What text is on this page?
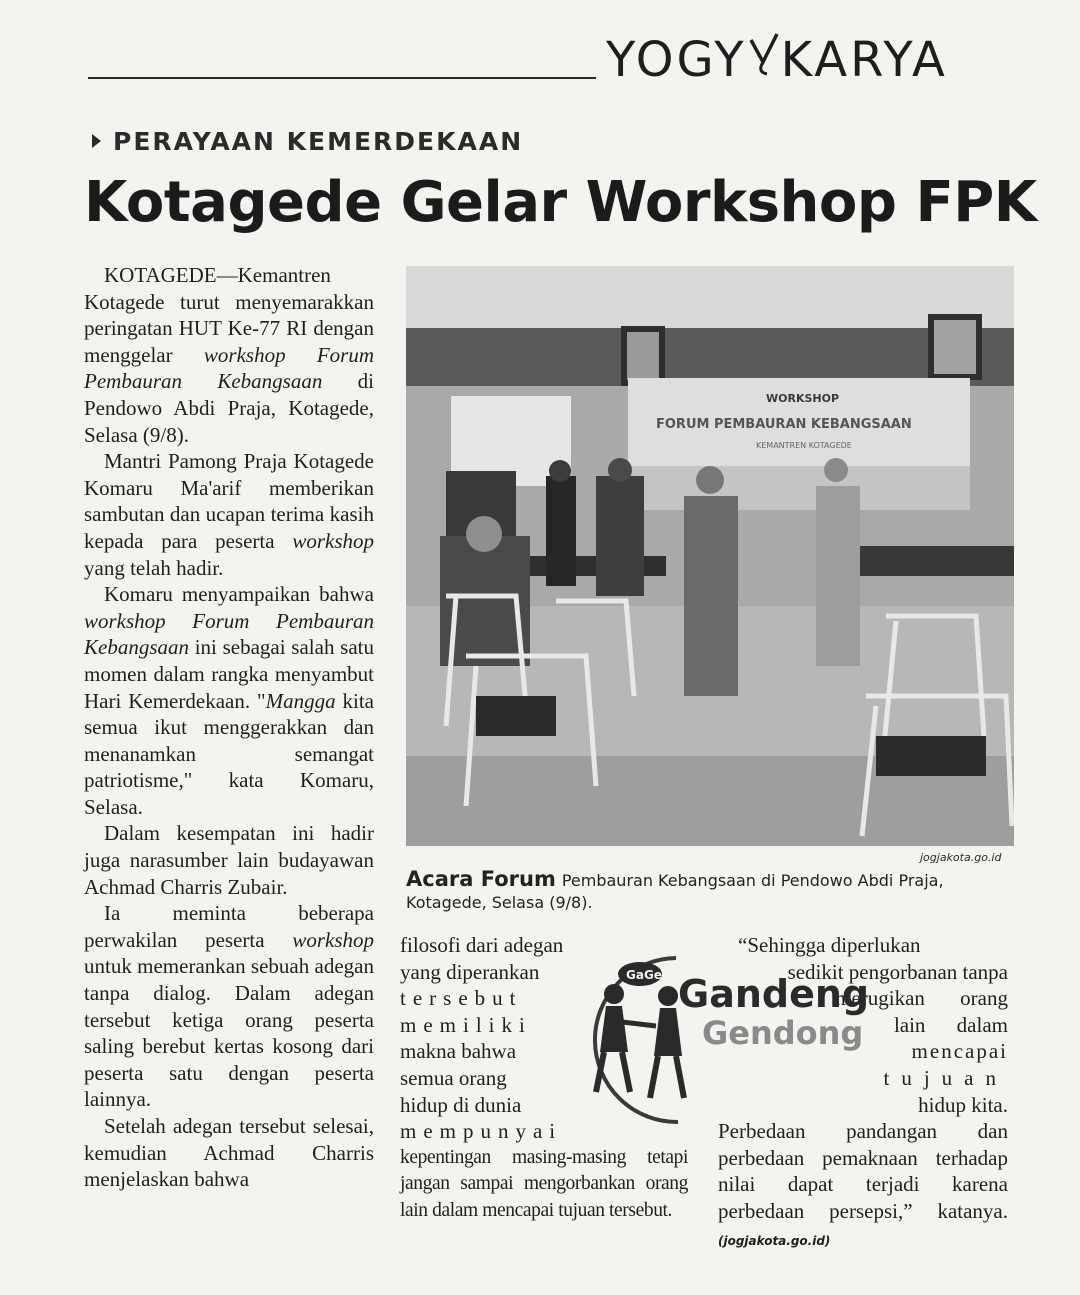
YOGY KARYA
PERAYAAN KEMERDEKAAN
Kotagede Gelar Workshop FPK

KOTAGEDE—Kemantren Kotagede turut menyemarakkan peringatan HUT Ke-77 RI dengan menggelar workshop Forum Pembauran Kebangsaan di Pendowo Abdi Praja, Kotagede, Selasa (9/8).

Mantri Pamong Praja Kotagede Komaru Ma'arif memberikan sambutan dan ucapan terima kasih kepada para peserta workshop yang telah hadir.

Komaru menyampaikan bahwa workshop Forum Pembauran Kebangsaan ini sebagai salah satu momen dalam rangka menyambut Hari Kemerdekaan. "Mangga kita semua ikut menggerakkan dan menanamkan semangat patriotisme," kata Komaru, Selasa.

Dalam kesempatan ini hadir juga narasumber lain budayawan Achmad Charris Zubair.

Ia meminta beberapa perwakilan peserta workshop untuk memerankan sebuah adegan tanpa dialog. Dalam adegan tersebut ketiga orang peserta saling berebut kertas kosong dari peserta satu dengan peserta lainnya.

Setelah adegan tersebut selesai, kemudian Achmad Charris menjelaskan bahwa

WORKSHOP
FORUM PEMBAURAN KEBANGSAAN
KEMANTREN KOTAGEDE
jogjakota.go.id
Acara Forum Pembauran Kebangsaan di Pendowo Abdi Praja, Kotagede, Selasa (9/8).
filosofi dari adegan
yang diperankan
tersebut
memiliki
makna bahwa
semua orang
hidup di dunia
mempunyai

kepentingan masing-masing tetapi jangan sampai mengorbankan orang lain dalam mencapai tujuan tersebut.

“Sehingga diperlukan
sedikit pengorbanan tanpa
merugikan orang
lain dalam
mencapai
tujuan
hidup kita.

Perbedaan pandangan dan perbedaan pemaknaan terhadap nilai dapat terjadi karena perbedaan persepsi,” katanya. (jogjakota.go.id)

GaGe Gandeng
Gendong
